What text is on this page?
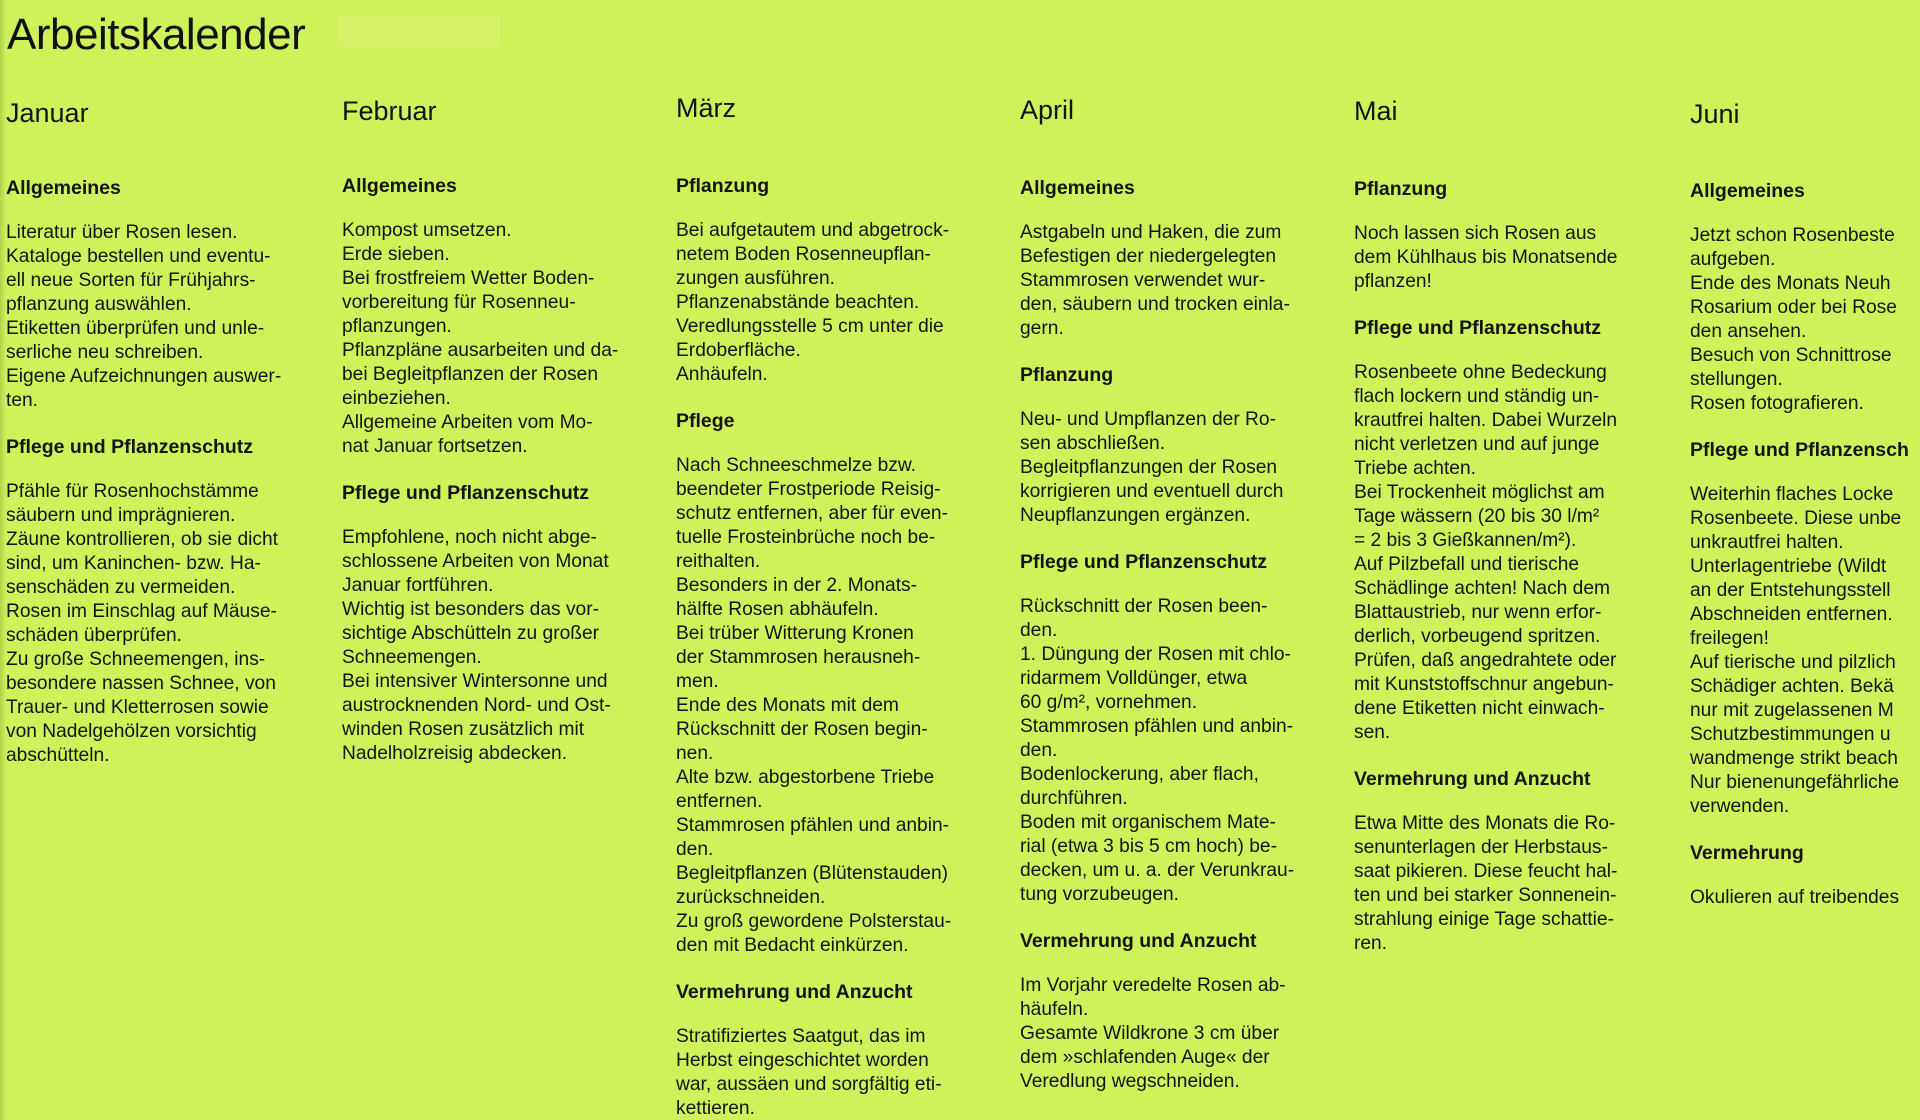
Arbeitskalender
Januar
Allgemeines
Literatur über Rosen lesen.
Kataloge bestellen und eventu-
ell neue Sorten für Frühjahrs-
pflanzung auswählen.
Etiketten überprüfen und unle-
serliche neu schreiben.
Eigene Aufzeichnungen auswer-
ten.
Pflege und Pflanzenschutz
Pfähle für Rosenhochstämme
säubern und imprägnieren.
Zäune kontrollieren, ob sie dicht
sind, um Kaninchen- bzw. Ha-
senschäden zu vermeiden.
Rosen im Einschlag auf Mäuse-
schäden überprüfen.
Zu große Schneemengen, ins-
besondere nassen Schnee, von
Trauer- und Kletterrosen sowie
von Nadelgehölzen vorsichtig
abschütteln.
Februar
Allgemeines
Kompost umsetzen.
Erde sieben.
Bei frostfreiem Wetter Boden-
vorbereitung für Rosenneu-
pflanzungen.
Pflanzpläne ausarbeiten und da-
bei Begleitpflanzen der Rosen
einbeziehen.
Allgemeine Arbeiten vom Mo-
nat Januar fortsetzen.
Pflege und Pflanzenschutz
Empfohlene, noch nicht abge-
schlossene Arbeiten von Monat
Januar fortführen.
Wichtig ist besonders das vor-
sichtige Abschütteln zu großer
Schneemengen.
Bei intensiver Wintersonne und
austrocknenden Nord- und Ost-
winden Rosen zusätzlich mit
Nadelholzreisig abdecken.
März
Pflanzung
Bei aufgetautem und abgetrock-
netem Boden Rosenneupflan-
zungen ausführen.
Pflanzenabstände beachten.
Veredlungsstelle 5 cm unter die
Erdoberfläche.
Anhäufeln.
Pflege
Nach Schneeschmelze bzw.
beendeter Frostperiode Reisig-
schutz entfernen, aber für even-
tuelle Frosteinbrüche noch be-
reithalten.
Besonders in der 2. Monats-
hälfte Rosen abhäufeln.
Bei trüber Witterung Kronen
der Stammrosen herausneh-
men.
Ende des Monats mit dem
Rückschnitt der Rosen begin-
nen.
Alte bzw. abgestorbene Triebe
entfernen.
Stammrosen pfählen und anbin-
den.
Begleitpflanzen (Blütenstauden)
zurückschneiden.
Zu groß gewordene Polsterstau-
den mit Bedacht einkürzen.
Vermehrung und Anzucht
Stratifiziertes Saatgut, das im
Herbst eingeschichtet worden
war, aussäen und sorgfältig eti-
kettieren.
April
Allgemeines
Astgabeln und Haken, die zum
Befestigen der niedergelegten
Stammrosen verwendet wur-
den, säubern und trocken einla-
gern.
Pflanzung
Neu- und Umpflanzen der Ro-
sen abschließen.
Begleitpflanzungen der Rosen
korrigieren und eventuell durch
Neupflanzungen ergänzen.
Pflege und Pflanzenschutz
Rückschnitt der Rosen been-
den.
1. Düngung der Rosen mit chlo-
ridarmem Volldünger, etwa
60 g/m², vornehmen.
Stammrosen pfählen und anbin-
den.
Bodenlockerung, aber flach,
durchführen.
Boden mit organischem Mate-
rial (etwa 3 bis 5 cm hoch) be-
decken, um u. a. der Verunkrau-
tung vorzubeugen.
Vermehrung und Anzucht
Im Vorjahr veredelte Rosen ab-
häufeln.
Gesamte Wildkrone 3 cm über
dem »schlafenden Auge« der
Veredlung wegschneiden.
Mai
Pflanzung
Noch lassen sich Rosen aus
dem Kühlhaus bis Monatsende
pflanzen!
Pflege und Pflanzenschutz
Rosenbeete ohne Bedeckung
flach lockern und ständig un-
krautfrei halten. Dabei Wurzeln
nicht verletzen und auf junge
Triebe achten.
Bei Trockenheit möglichst am
Tage wässern (20 bis 30 l/m²
= 2 bis 3 Gießkannen/m²).
Auf Pilzbefall und tierische
Schädlinge achten! Nach dem
Blattaustrieb, nur wenn erfor-
derlich, vorbeugend spritzen.
Prüfen, daß angedrahtete oder
mit Kunststoffschnur angebun-
dene Etiketten nicht einwach-
sen.
Vermehrung und Anzucht
Etwa Mitte des Monats die Ro-
senunterlagen der Herbstaus-
saat pikieren. Diese feucht hal-
ten und bei starker Sonnenein-
strahlung einige Tage schattie-
ren.
Juni
Allgemeines
Jetzt schon Rosenbeste
aufgeben.
Ende des Monats Neuh
Rosarium oder bei Rose
den ansehen.
Besuch von Schnittrose
stellungen.
Rosen fotografieren.
Pflege und Pflanzensch
Weiterhin flaches Locke
Rosenbeete. Diese unbe
unkrautfrei halten.
Unterlagentriebe (Wildt
an der Entstehungsstell
Abschneiden entfernen.
freilegen!
Auf tierische und pilzlich
Schädiger achten. Bekä
nur mit zugelassenen M
Schutzbestimmungen u
wandmenge strikt beach
Nur bienenungefährliche
verwenden.
Vermehrung
Okulieren auf treibendes
